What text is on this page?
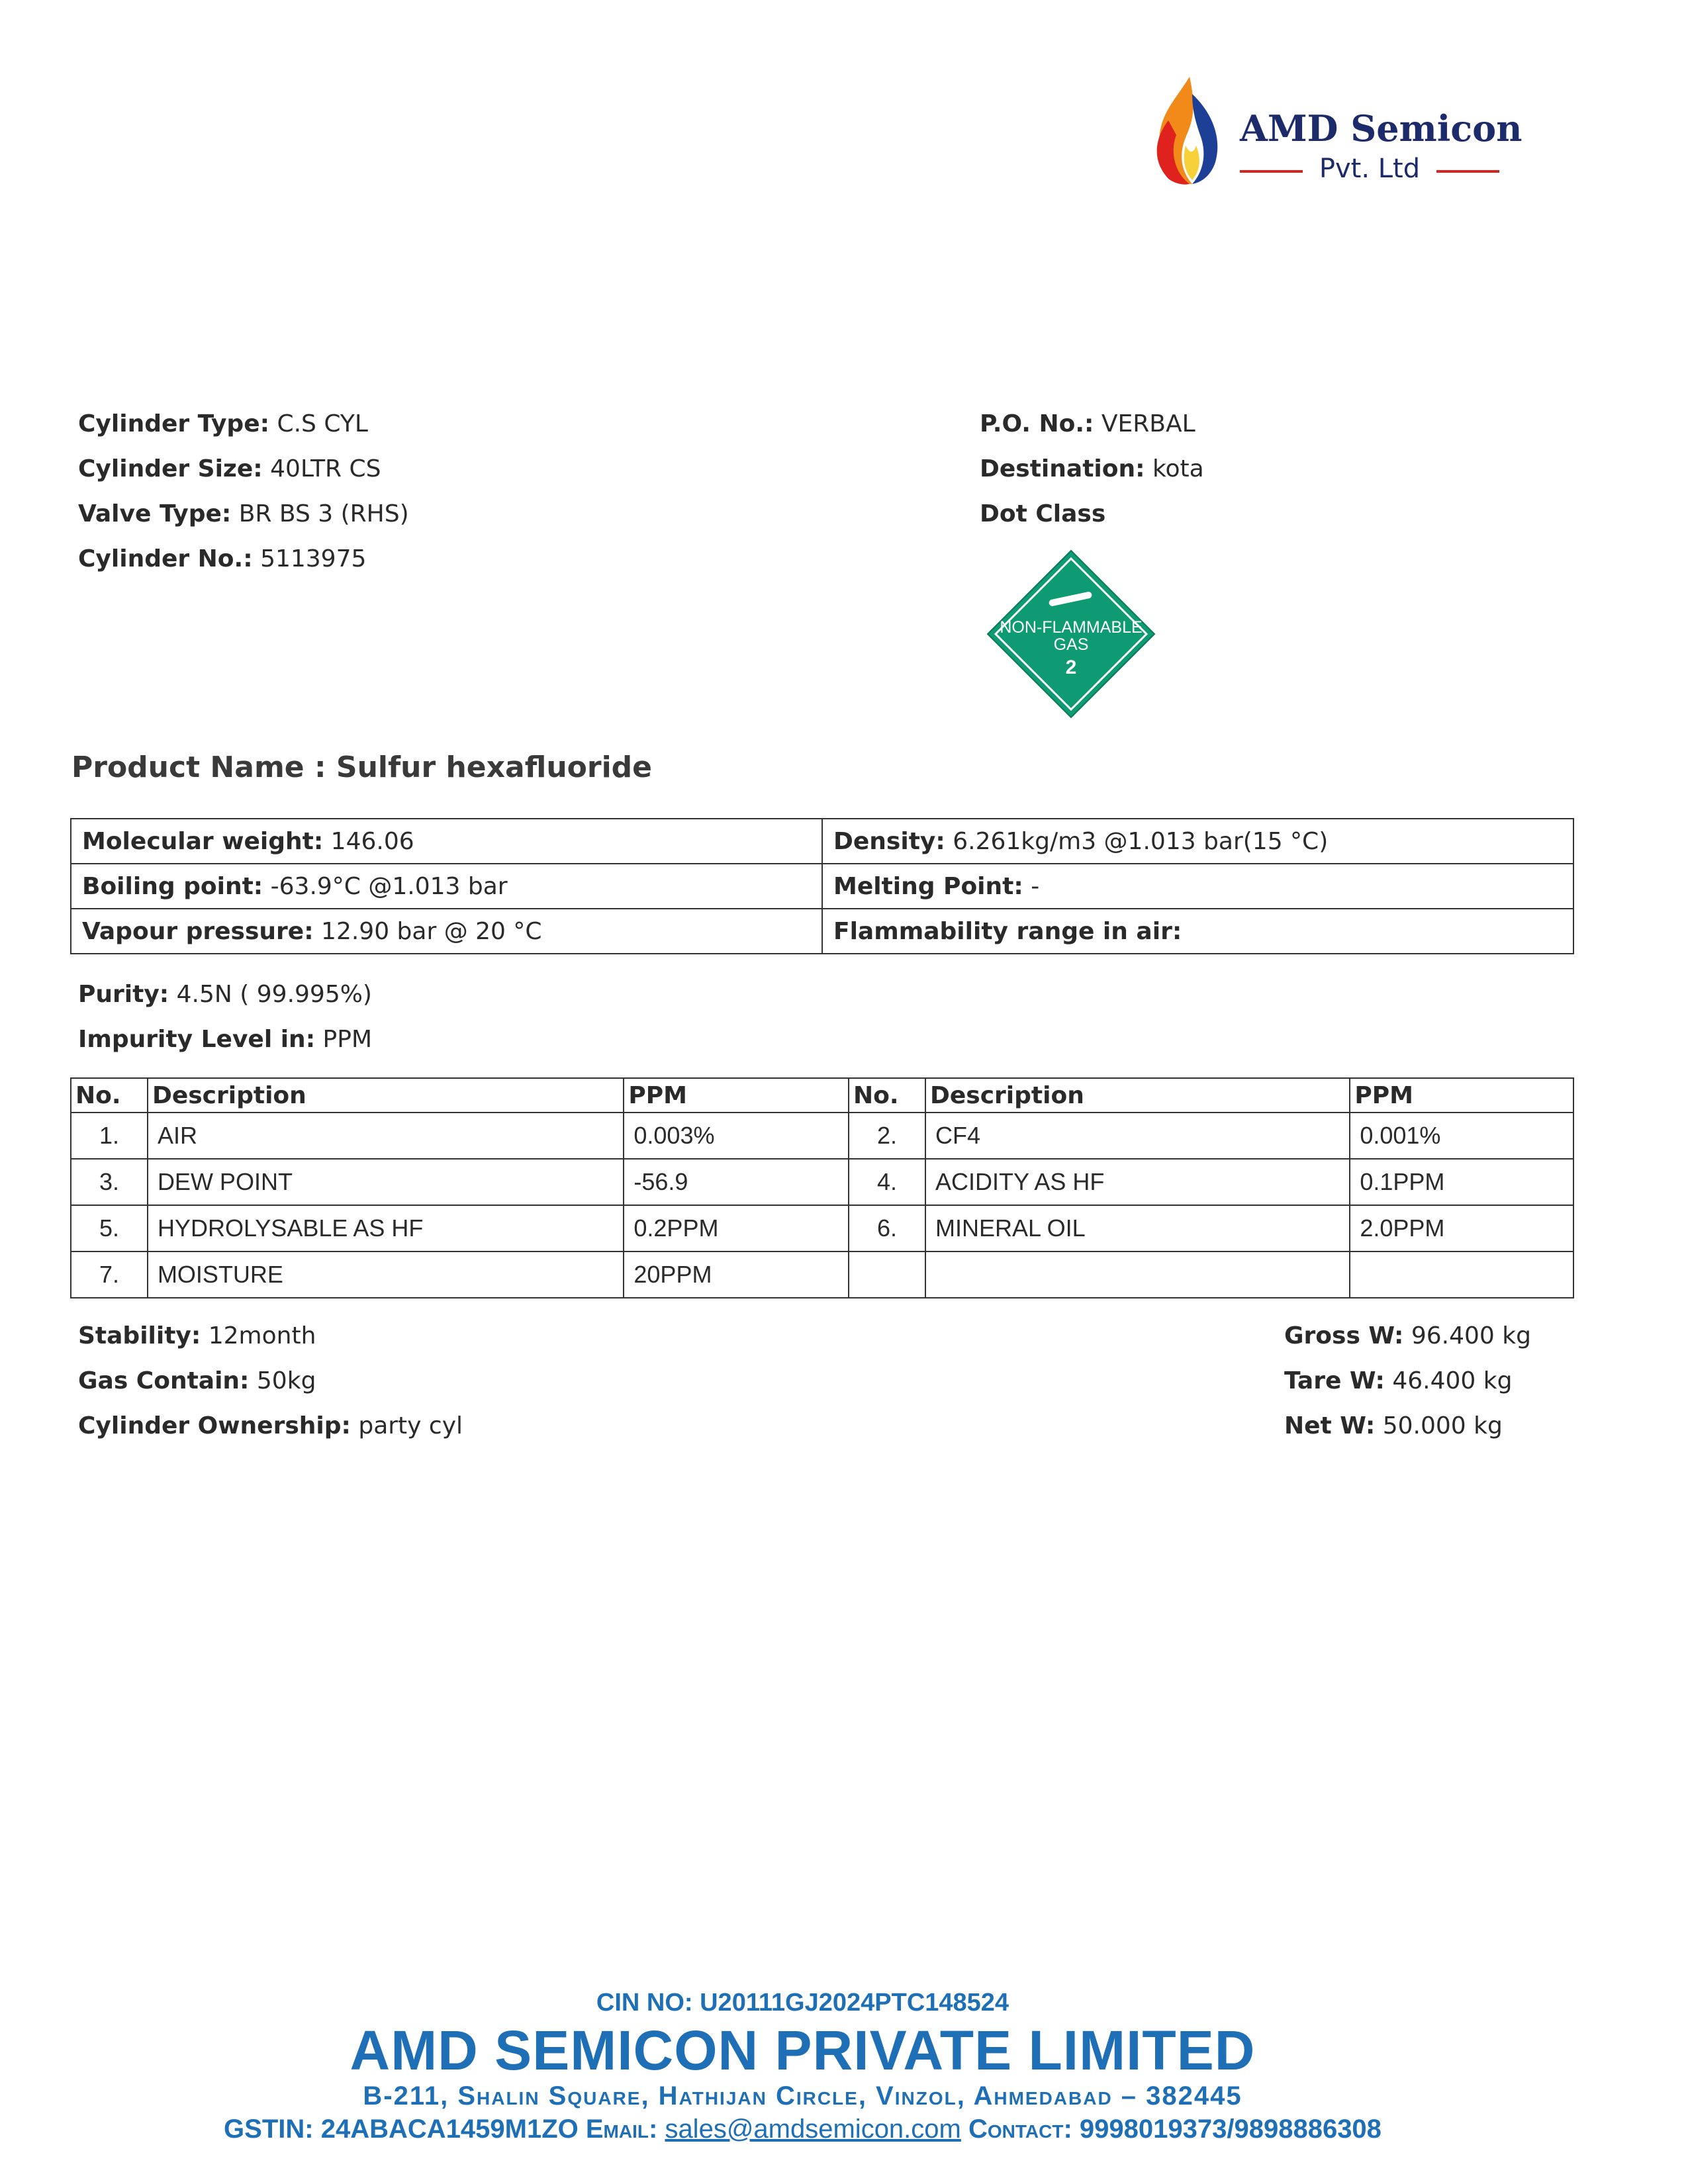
AMD Semicon
Pvt. Ltd
Cylinder Type: C.S CYL
Cylinder Size: 40LTR CS
Valve Type: BR BS 3 (RHS)
Cylinder No.: 5113975
P.O. No.: VERBAL
Destination: kota
Dot Class
NON-FLAMMABLE
GAS
2
Product Name : Sulfur hexafluoride
Molecular weight: 146.06	Density: 6.261kg/m3 @1.013 bar(15 °C)
Boiling point: -63.9°C @1.013 bar	Melting Point: -
Vapour pressure: 12.90 bar @ 20 °C	Flammability range in air:
Purity: 4.5N ( 99.995%)
Impurity Level in: PPM
No.	Description	PPM	No.	Description	PPM
1.	AIR	0.003%	2.	CF4	0.001%
3.	DEW POINT	-56.9	4.	ACIDITY AS HF	0.1PPM
5.	HYDROLYSABLE AS HF	0.2PPM	6.	MINERAL OIL	2.0PPM
7.	MOISTURE	20PPM			
Stability: 12month
Gas Contain: 50kg
Cylinder Ownership: party cyl
Gross W: 96.400 kg
Tare W: 46.400 kg
Net W: 50.000 kg
CIN NO: U20111GJ2024PTC148524
AMD SEMICON PRIVATE LIMITED
B-211, Shalin Square, Hathijan Circle, Vinzol, Ahmedabad – 382445
GSTIN: 24ABACA1459M1ZO Email: sales@amdsemicon.com Contact: 9998019373/9898886308
